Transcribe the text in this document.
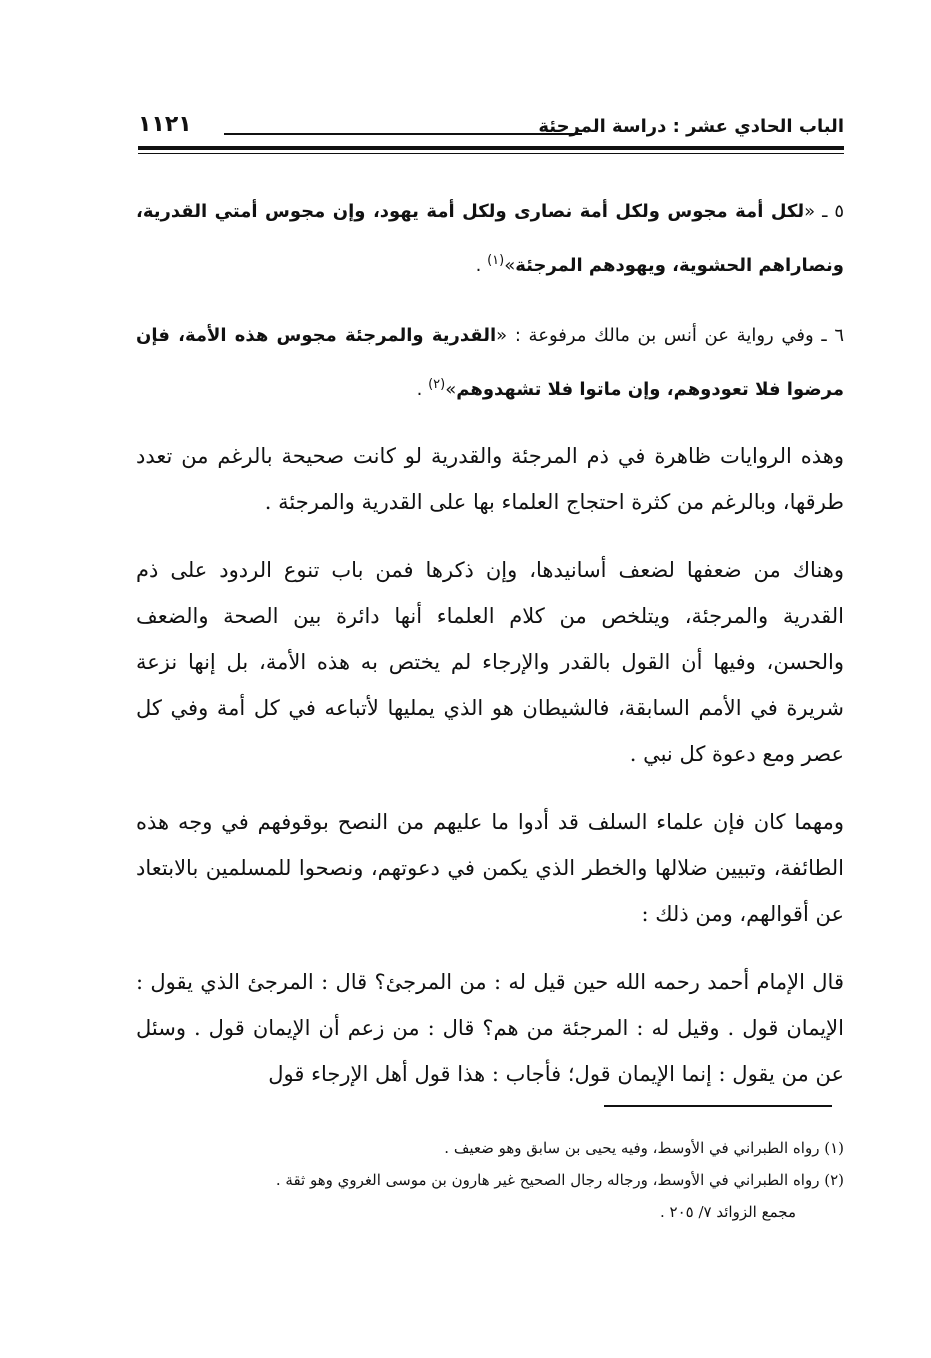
الباب الحادي عشر : دراسة المرجئة
١١٢١

٥ ـ «لكل أمة مجوس ولكل أمة نصارى ولكل أمة يهود، وإن مجوس أمتي القدرية، ونصاراهم الحشوية، ويهودهم المرجئة»$^{(١)}$ .

٦ ـ وفي رواية عن أنس بن مالك مرفوعة : «القدرية والمرجئة مجوس هذه الأمة، فإن مرضوا فلا تعودوهم، وإن ماتوا فلا تشهدوهم»$^{(٢)}$ .

وهذه الروايات ظاهرة في ذم المرجئة والقدرية لو كانت صحيحة بالرغم من تعدد طرقها، وبالرغم من كثرة احتجاج العلماء بها على القدرية والمرجئة .

وهناك من ضعفها لضعف أسانيدها، وإن ذكرها فمن باب تنوع الردود على ذم القدرية والمرجئة، ويتلخص من كلام العلماء أنها دائرة بين الصحة والضعف والحسن، وفيها أن القول بالقدر والإرجاء لم يختص به هذه الأمة، بل إنها نزعة شريرة في الأمم السابقة، فالشيطان هو الذي يمليها لأتباعه في كل أمة وفي كل عصر ومع دعوة كل نبي .

ومهما كان فإن علماء السلف قد أدوا ما عليهم من النصح بوقوفهم في وجه هذه الطائفة، وتبيين ضلالها والخطر الذي يكمن في دعوتهم، ونصحوا للمسلمين بالابتعاد عن أقوالهم، ومن ذلك :

قال الإمام أحمد رحمه الله حين قيل له : من المرجئ؟ قال : المرجئ الذي يقول : الإيمان قول . وقيل له : المرجئة من هم؟ قال : من زعم أن الإيمان قول . وسئل عن من يقول : إنما الإيمان قول؛ فأجاب : هذا قول أهل الإرجاء قول

(١) رواه الطبراني في الأوسط، وفيه يحيى بن سابق وهو ضعيف .

(٢) رواه الطبراني في الأوسط، ورجاله رجال الصحيح غير هارون بن موسى الغروي وهو ثقة .

مجمع الزوائد ٧/ ٢٠٥ .
